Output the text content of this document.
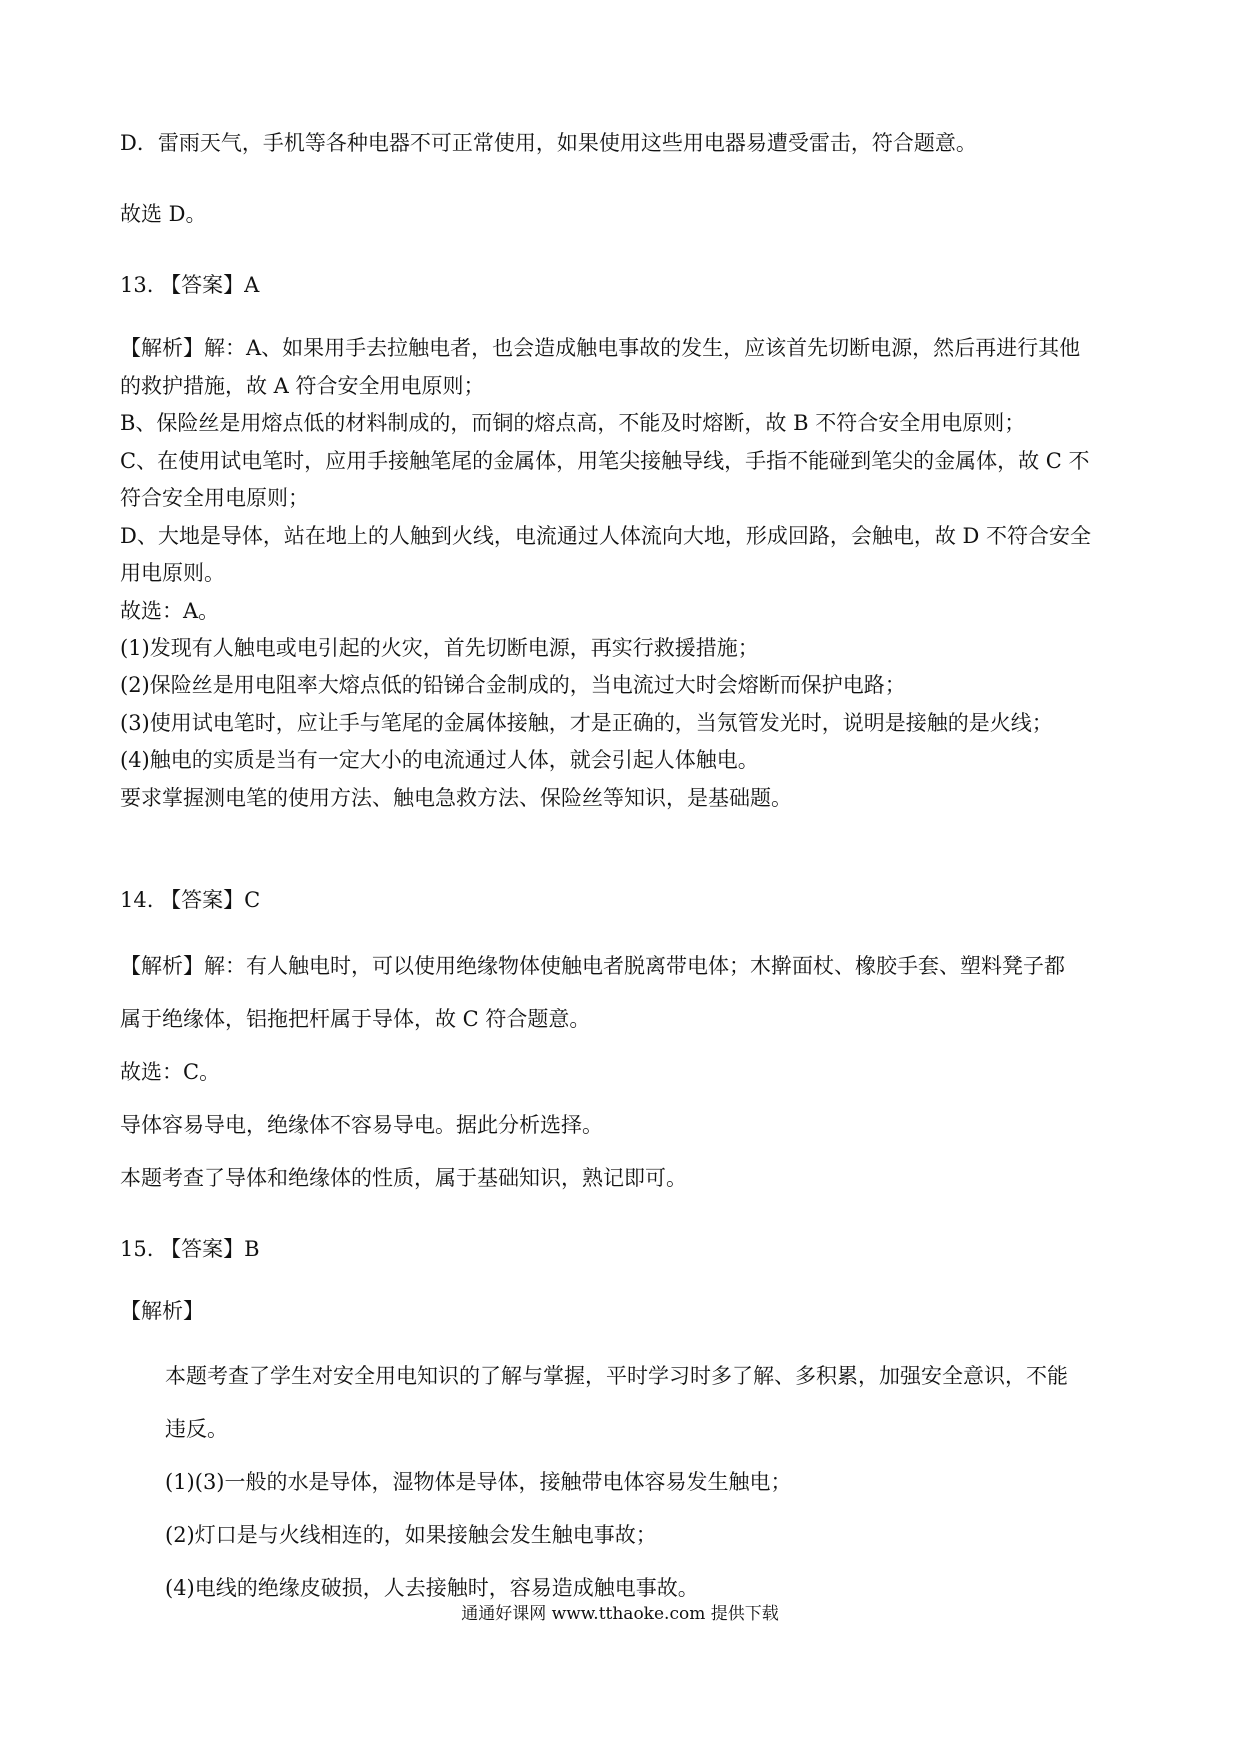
D．雷雨天气，手机等各种电器不可正常使用，如果使用这些用电器易遭受雷击，符合题意。
故选 D。
13. 【答案】A
【解析】解：A、如果用手去拉触电者，也会造成触电事故的发生，应该首先切断电源，然后再进行其他
的救护措施，故 A 符合安全用电原则；
B、保险丝是用熔点低的材料制成的，而铜的熔点高，不能及时熔断，故 B 不符合安全用电原则；
C、在使用试电笔时，应用手接触笔尾的金属体，用笔尖接触导线，手指不能碰到笔尖的金属体，故 C 不
符合安全用电原则；
D、大地是导体，站在地上的人触到火线，电流通过人体流向大地，形成回路，会触电，故 D 不符合安全
用电原则。
故选：A。
(1)发现有人触电或电引起的火灾，首先切断电源，再实行救援措施；
(2)保险丝是用电阻率大熔点低的铅锑合金制成的，当电流过大时会熔断而保护电路；
(3)使用试电笔时，应让手与笔尾的金属体接触，才是正确的，当氖管发光时，说明是接触的是火线；
(4)触电的实质是当有一定大小的电流通过人体，就会引起人体触电。
要求掌握测电笔的使用方法、触电急救方法、保险丝等知识，是基础题。
14. 【答案】C
【解析】解：有人触电时，可以使用绝缘物体使触电者脱离带电体；木擀面杖、橡胶手套、塑料凳子都
属于绝缘体，铝拖把杆属于导体，故 C 符合题意。
故选：C。
导体容易导电，绝缘体不容易导电。据此分析选择。
本题考查了导体和绝缘体的性质，属于基础知识，熟记即可。
15. 【答案】B
【解析】
本题考查了学生对安全用电知识的了解与掌握，平时学习时多了解、多积累，加强安全意识，不能
违反。
(1)(3)一般的水是导体，湿物体是导体，接触带电体容易发生触电；
(2)灯口是与火线相连的，如果接触会发生触电事故；
(4)电线的绝缘皮破损，人去接触时，容易造成触电事故。
通通好课网 www.tthaoke.com 提供下载
